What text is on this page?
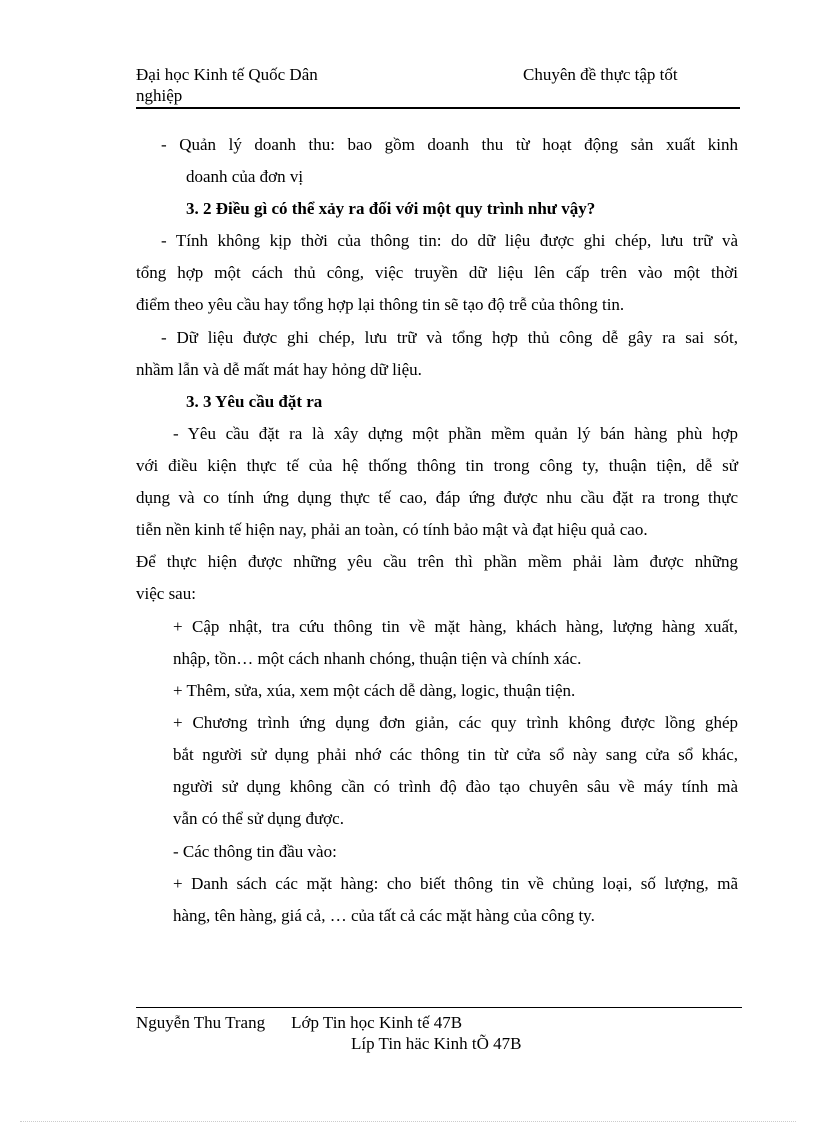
Đại học Kinh tế Quốc Dân	Chuyên đề thực tập tốt
nghiệp
- Quản lý doanh thu: bao gồm doanh thu từ hoạt động sản xuất kinh
doanh của đơn vị
3. 2 Điều gì có thể xảy ra đối với một quy trình như vậy?
- Tính không kịp thời của thông tin: do dữ liệu được ghi chép, lưu trữ và
tổng hợp một cách thủ công, việc truyền dữ liệu lên cấp trên vào một thời
điểm theo yêu cầu hay tổng hợp lại thông tin sẽ tạo độ trễ của thông tin.
- Dữ liệu được ghi chép, lưu trữ và tổng hợp thủ công dễ gây ra sai sót,
nhầm lẫn và dễ mất mát hay hỏng dữ liệu.
3. 3 Yêu cầu đặt ra
- Yêu cầu đặt ra là xây dựng một phần mềm quản lý bán hàng phù hợp
với điều kiện thực tế của hệ thống thông tin trong công ty, thuận tiện, dễ sử
dụng và co tính ứng dụng thực tế cao, đáp ứng được nhu cầu đặt ra trong thực
tiễn nền kinh tế hiện nay, phải an toàn, có tính bảo mật và đạt hiệu quả cao.
Để thực hiện được những yêu cầu trên thì phần mềm phải làm được những
việc sau:
+ Cập nhật, tra cứu thông tin về mặt hàng, khách hàng, lượng hàng xuất,
nhập, tồn… một cách nhanh chóng, thuận tiện và chính xác.
+ Thêm, sửa, xúa, xem một cách dễ dàng, logic, thuận tiện.
+ Chương trình ứng dụng đơn giản, các quy trình không được lồng ghép
bắt người sử dụng phải nhớ các thông tin từ cửa sổ này sang cửa sổ khác,
người sử dụng không cần có trình độ đào tạo chuyên sâu về máy tính mà
vẫn có thể sử dụng được.
- Các thông tin đầu vào:
+ Danh sách các mặt hàng: cho biết thông tin về chủng loại, số lượng, mã
hàng, tên hàng, giá cả, … của tất cả các mặt hàng của công ty.
Nguyễn Thu Trang Lớp Tin học Kinh tế 47B
Líp Tin häc Kinh tÕ 47B
